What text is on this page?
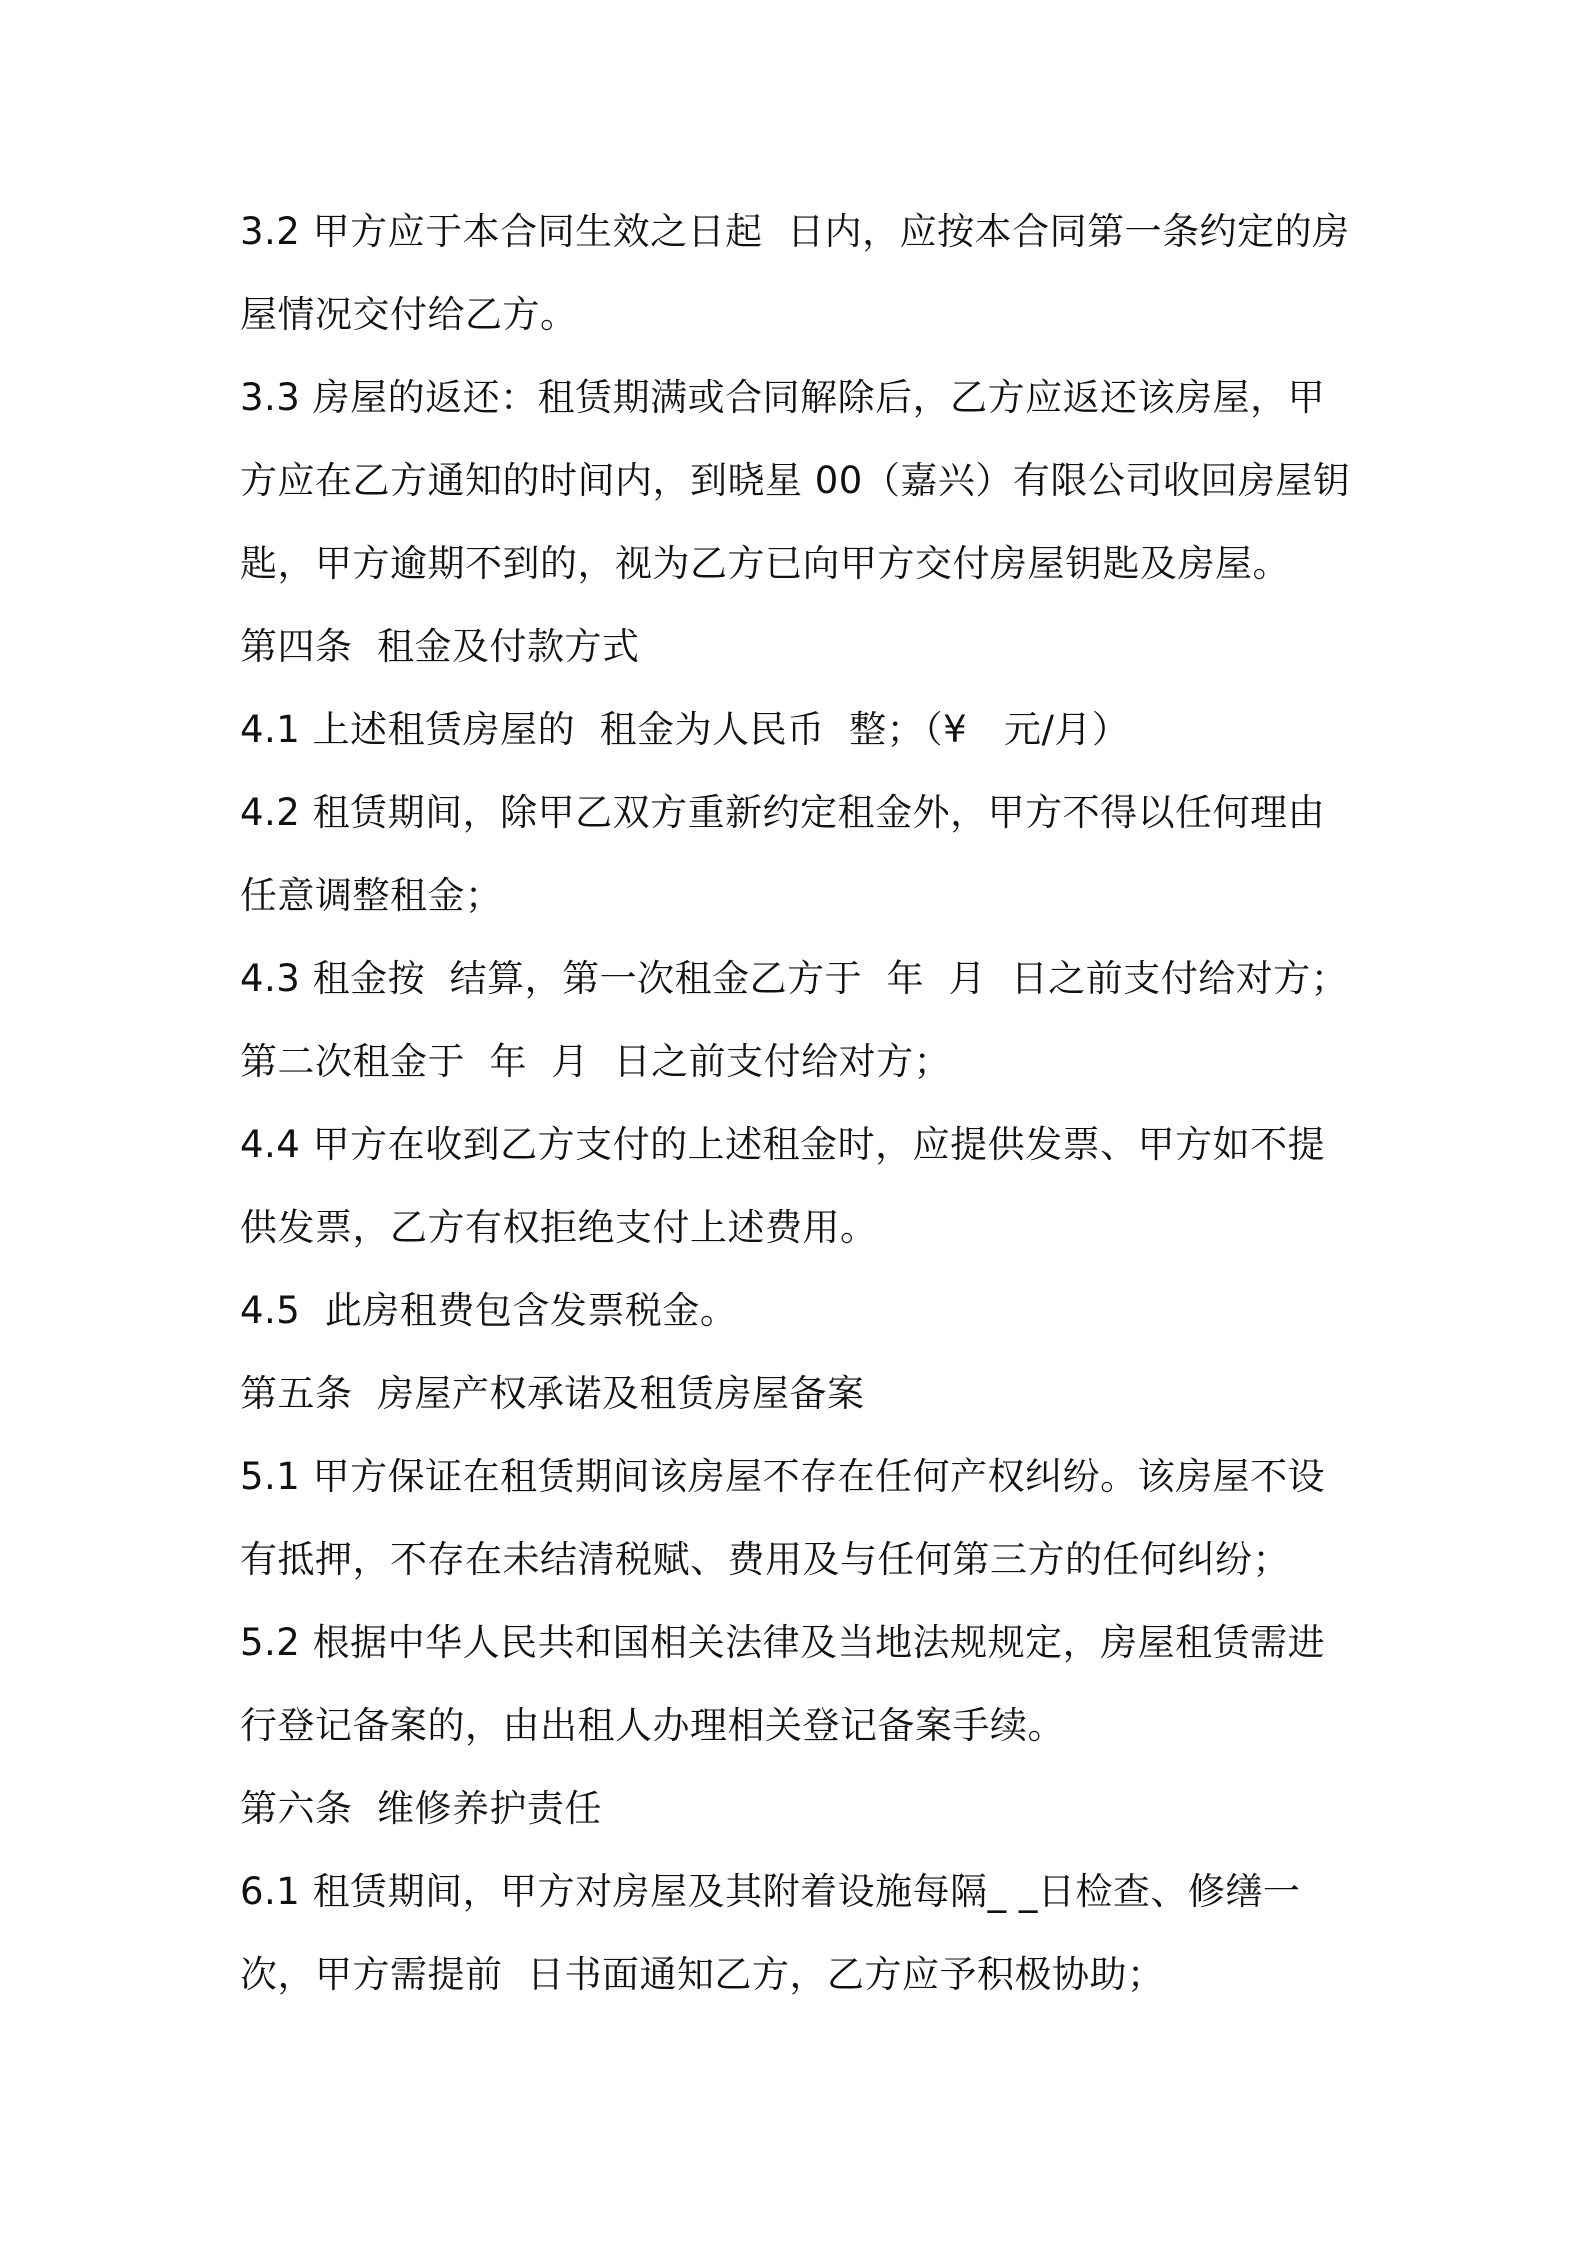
3.2 甲方应于本合同生效之日起  日内，应按本合同第一条约定的房屋情况交付给乙方。

3.3 房屋的返还：租赁期满或合同解除后，乙方应返还该房屋，甲方应在乙方通知的时间内，到晓星 00（嘉兴）有限公司收回房屋钥匙，甲方逾期不到的，视为乙方已向甲方交付房屋钥匙及房屋。

第四条  租金及付款方式

4.1 上述租赁房屋的  租金为人民币  整；（¥   元/月）

4.2 租赁期间，除甲乙双方重新约定租金外，甲方不得以任何理由任意调整租金；

4.3 租金按  结算，第一次租金乙方于  年  月  日之前支付给对方；第二次租金于  年  月  日之前支付给对方；

4.4 甲方在收到乙方支付的上述租金时，应提供发票、甲方如不提供发票，乙方有权拒绝支付上述费用。

4.5  此房租费包含发票税金。

第五条  房屋产权承诺及租赁房屋备案

5.1 甲方保证在租赁期间该房屋不存在任何产权纠纷。该房屋不设有抵押，不存在未结清税赋、费用及与任何第三方的任何纠纷；

5.2 根据中华人民共和国相关法律及当地法规规定，房屋租赁需进行登记备案的，由出租人办理相关登记备案手续。

第六条  维修养护责任

6.1 租赁期间，甲方对房屋及其附着设施每隔_ _日检查、修缮一次，甲方需提前  日书面通知乙方，乙方应予积极协助；
